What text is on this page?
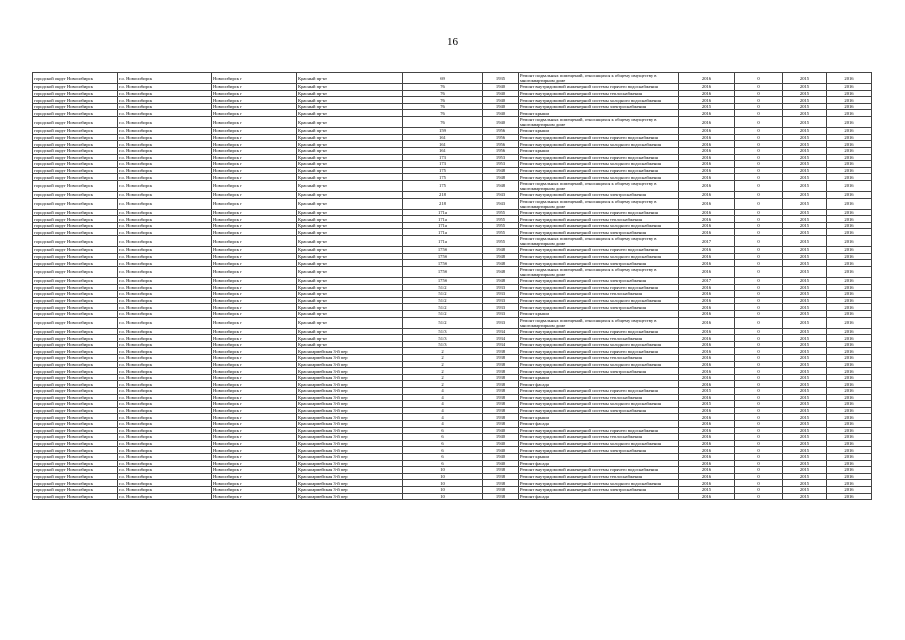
16
городской округ Новосибирск	г.о. Новосибирск	Новосибирск г	Красный пр-кт	69	1935	Ремонт подвальных помещений, относящихся к общему имуществу в многоквартирном доме	2016	0	2015	2016
городской округ Новосибирск	г.о. Новосибирск	Новосибирск г	Красный пр-кт	76	1940	Ремонт внутридомовой инженерной системы горячего водоснабжения	2016	0	2015	2016
городской округ Новосибирск	г.о. Новосибирск	Новосибирск г	Красный пр-кт	76	1940	Ремонт внутридомовой инженерной системы теплоснабжения	2016	0	2015	2016
городской округ Новосибирск	г.о. Новосибирск	Новосибирск г	Красный пр-кт	76	1940	Ремонт внутридомовой инженерной системы холодного водоснабжения	2016	0	2015	2016
городской округ Новосибирск	г.о. Новосибирск	Новосибирск г	Красный пр-кт	76	1940	Ремонт внутридомовой инженерной системы электроснабжения	2015	0	2015	2016
городской округ Новосибирск	г.о. Новосибирск	Новосибирск г	Красный пр-кт	76	1940	Ремонт крыши	2016	0	2015	2016
городской округ Новосибирск	г.о. Новосибирск	Новосибирск г	Красный пр-кт	76	1940	Ремонт подвальных помещений, относящихся к общему имуществу в многоквартирном доме	2016	0	2015	2016
городской округ Новосибирск	г.о. Новосибирск	Новосибирск г	Красный пр-кт	159	1956	Ремонт крыши	2016	0	2015	2016
городской округ Новосибирск	г.о. Новосибирск	Новосибирск г	Красный пр-кт	161	1956	Ремонт внутридомовой инженерной системы горячего водоснабжения	2016	0	2015	2016
городской округ Новосибирск	г.о. Новосибирск	Новосибирск г	Красный пр-кт	161	1956	Ремонт внутридомовой инженерной системы холодного водоснабжения	2016	0	2015	2016
городской округ Новосибирск	г.о. Новосибирск	Новосибирск г	Красный пр-кт	161	1956	Ремонт крыши	2016	0	2015	2016
городской округ Новосибирск	г.о. Новосибирск	Новосибирск г	Красный пр-кт	173	1953	Ремонт внутридомовой инженерной системы горячего водоснабжения	2016	0	2015	2016
городской округ Новосибирск	г.о. Новосибирск	Новосибирск г	Красный пр-кт	173	1953	Ремонт внутридомовой инженерной системы холодного водоснабжения	2016	0	2015	2016
городской округ Новосибирск	г.о. Новосибирск	Новосибирск г	Красный пр-кт	175	1948	Ремонт внутридомовой инженерной системы горячего водоснабжения	2016	0	2015	2016
городской округ Новосибирск	г.о. Новосибирск	Новосибирск г	Красный пр-кт	175	1948	Ремонт внутридомовой инженерной системы холодного водоснабжения	2016	0	2015	2016
городской округ Новосибирск	г.о. Новосибирск	Новосибирск г	Красный пр-кт	175	1948	Ремонт подвальных помещений, относящихся к общему имуществу в многоквартирном доме	2016	0	2015	2016
городской округ Новосибирск	г.о. Новосибирск	Новосибирск г	Красный пр-кт	218	1943	Ремонт внутридомовой инженерной системы электроснабжения	2016	0	2015	2016
городской округ Новосибирск	г.о. Новосибирск	Новосибирск г	Красный пр-кт	218	1943	Ремонт подвальных помещений, относящихся к общему имуществу в многоквартирном доме	2016	0	2015	2016
городской округ Новосибирск	г.о. Новосибирск	Новосибирск г	Красный пр-кт	171а	1955	Ремонт внутридомовой инженерной системы горячего водоснабжения	2016	0	2015	2016
городской округ Новосибирск	г.о. Новосибирск	Новосибирск г	Красный пр-кт	171а	1955	Ремонт внутридомовой инженерной системы теплоснабжения	2016	0	2015	2016
городской округ Новосибирск	г.о. Новосибирск	Новосибирск г	Красный пр-кт	171а	1955	Ремонт внутридомовой инженерной системы холодного водоснабжения	2016	0	2015	2016
городской округ Новосибирск	г.о. Новосибирск	Новосибирск г	Красный пр-кт	171а	1955	Ремонт внутридомовой инженерной системы электроснабжения	2016	0	2015	2016
городской округ Новосибирск	г.о. Новосибирск	Новосибирск г	Красный пр-кт	171а	1955	Ремонт подвальных помещений, относящихся к общему имуществу в многоквартирном доме	2017	0	2015	2016
городской округ Новосибирск	г.о. Новосибирск	Новосибирск г	Красный пр-кт	175б	1948	Ремонт внутридомовой инженерной системы горячего водоснабжения	2016	0	2015	2016
городской округ Новосибирск	г.о. Новосибирск	Новосибирск г	Красный пр-кт	175б	1948	Ремонт внутридомовой инженерной системы холодного водоснабжения	2016	0	2015	2016
городской округ Новосибирск	г.о. Новосибирск	Новосибирск г	Красный пр-кт	175б	1948	Ремонт внутридомовой инженерной системы электроснабжения	2016	0	2015	2016
городской округ Новосибирск	г.о. Новосибирск	Новосибирск г	Красный пр-кт	175б	1948	Ремонт подвальных помещений, относящихся к общему имуществу в многоквартирном доме	2016	0	2015	2016
городской округ Новосибирск	г.о. Новосибирск	Новосибирск г	Красный пр-кт	175б	1948	Ремонт внутридомовой инженерной системы электроснабжения	2017	0	2015	2016
городской округ Новосибирск	г.о. Новосибирск	Новосибирск г	Красный пр-кт	51/2	1933	Ремонт внутридомовой инженерной системы горячего водоснабжения	2016	0	2015	2016
городской округ Новосибирск	г.о. Новосибирск	Новосибирск г	Красный пр-кт	51/2	1933	Ремонт внутридомовой инженерной системы теплоснабжения	2016	0	2015	2016
городской округ Новосибирск	г.о. Новосибирск	Новосибирск г	Красный пр-кт	51/2	1933	Ремонт внутридомовой инженерной системы холодного водоснабжения	2016	0	2015	2016
городской округ Новосибирск	г.о. Новосибирск	Новосибирск г	Красный пр-кт	51/2	1933	Ремонт внутридомовой инженерной системы электроснабжения	2016	0	2015	2016
городской округ Новосибирск	г.о. Новосибирск	Новосибирск г	Красный пр-кт	51/2	1933	Ремонт крыши	2016	0	2015	2016
городской округ Новосибирск	г.о. Новосибирск	Новосибирск г	Красный пр-кт	51/2	1933	Ремонт подвальных помещений, относящихся к общему имуществу в многоквартирном доме	2016	0	2015	2016
городской округ Новосибирск	г.о. Новосибирск	Новосибирск г	Красный пр-кт	51/3	1934	Ремонт внутридомовой инженерной системы горячего водоснабжения	2016	0	2015	2016
городской округ Новосибирск	г.о. Новосибирск	Новосибирск г	Красный пр-кт	51/3	1934	Ремонт внутридомовой инженерной системы теплоснабжения	2016	0	2015	2016
городской округ Новосибирск	г.о. Новосибирск	Новосибирск г	Красный пр-кт	51/3	1934	Ремонт внутридомовой инженерной системы холодного водоснабжения	2016	0	2015	2016
городской округ Новосибирск	г.о. Новосибирск	Новосибирск г	Красноармейская 3-й пер	2	1938	Ремонт внутридомовой инженерной системы горячего водоснабжения	2016	0	2015	2016
городской округ Новосибирск	г.о. Новосибирск	Новосибирск г	Красноармейская 3-й пер	2	1938	Ремонт внутридомовой инженерной системы теплоснабжения	2016	0	2015	2016
городской округ Новосибирск	г.о. Новосибирск	Новосибирск г	Красноармейская 3-й пер	2	1938	Ремонт внутридомовой инженерной системы холодного водоснабжения	2016	0	2015	2016
городской округ Новосибирск	г.о. Новосибирск	Новосибирск г	Красноармейская 3-й пер	2	1938	Ремонт внутридомовой инженерной системы электроснабжения	2016	0	2015	2016
городской округ Новосибирск	г.о. Новосибирск	Новосибирск г	Красноармейская 3-й пер	2	1938	Ремонт крыши	2016	0	2015	2016
городской округ Новосибирск	г.о. Новосибирск	Новосибирск г	Красноармейская 3-й пер	2	1938	Ремонт фасада	2016	0	2015	2016
городской округ Новосибирск	г.о. Новосибирск	Новосибирск г	Красноармейская 3-й пер	4	1938	Ремонт внутридомовой инженерной системы горячего водоснабжения	2015	0	2015	2016
городской округ Новосибирск	г.о. Новосибирск	Новосибирск г	Красноармейская 3-й пер	4	1938	Ремонт внутридомовой инженерной системы теплоснабжения	2016	0	2015	2016
городской округ Новосибирск	г.о. Новосибирск	Новосибирск г	Красноармейская 3-й пер	4	1938	Ремонт внутридомовой инженерной системы холодного водоснабжения	2015	0	2015	2016
городской округ Новосибирск	г.о. Новосибирск	Новосибирск г	Красноармейская 3-й пер	4	1938	Ремонт внутридомовой инженерной системы электроснабжения	2016	0	2015	2016
городской округ Новосибирск	г.о. Новосибирск	Новосибирск г	Красноармейская 3-й пер	4	1938	Ремонт крыши	2016	0	2015	2016
городской округ Новосибирск	г.о. Новосибирск	Новосибирск г	Красноармейская 3-й пер	4	1938	Ремонт фасада	2016	0	2015	2016
городской округ Новосибирск	г.о. Новосибирск	Новосибирск г	Красноармейская 3-й пер	6	1940	Ремонт внутридомовой инженерной системы горячего водоснабжения	2016	0	2015	2016
городской округ Новосибирск	г.о. Новосибирск	Новосибирск г	Красноармейская 3-й пер	6	1940	Ремонт внутридомовой инженерной системы теплоснабжения	2016	0	2015	2016
городской округ Новосибирск	г.о. Новосибирск	Новосибирск г	Красноармейская 3-й пер	6	1940	Ремонт внутридомовой инженерной системы холодного водоснабжения	2016	0	2015	2016
городской округ Новосибирск	г.о. Новосибирск	Новосибирск г	Красноармейская 3-й пер	6	1940	Ремонт внутридомовой инженерной системы электроснабжения	2016	0	2015	2016
городской округ Новосибирск	г.о. Новосибирск	Новосибирск г	Красноармейская 3-й пер	6	1940	Ремонт крыши	2016	0	2015	2016
городской округ Новосибирск	г.о. Новосибирск	Новосибирск г	Красноармейская 3-й пер	6	1940	Ремонт фасада	2016	0	2015	2016
городской округ Новосибирск	г.о. Новосибирск	Новосибирск г	Красноармейская 3-й пер	10	1938	Ремонт внутридомовой инженерной системы горячего водоснабжения	2016	0	2015	2016
городской округ Новосибирск	г.о. Новосибирск	Новосибирск г	Красноармейская 3-й пер	10	1938	Ремонт внутридомовой инженерной системы теплоснабжения	2016	0	2015	2016
городской округ Новосибирск	г.о. Новосибирск	Новосибирск г	Красноармейская 3-й пер	10	1938	Ремонт внутридомовой инженерной системы холодного водоснабжения	2016	0	2015	2016
городской округ Новосибирск	г.о. Новосибирск	Новосибирск г	Красноармейская 3-й пер	10	1938	Ремонт внутридомовой инженерной системы электроснабжения	2015	0	2015	2016
городской округ Новосибирск	г.о. Новосибирск	Новосибирск г	Красноармейская 3-й пер	10	1938	Ремонт фасада	2016	0	2015	2016
